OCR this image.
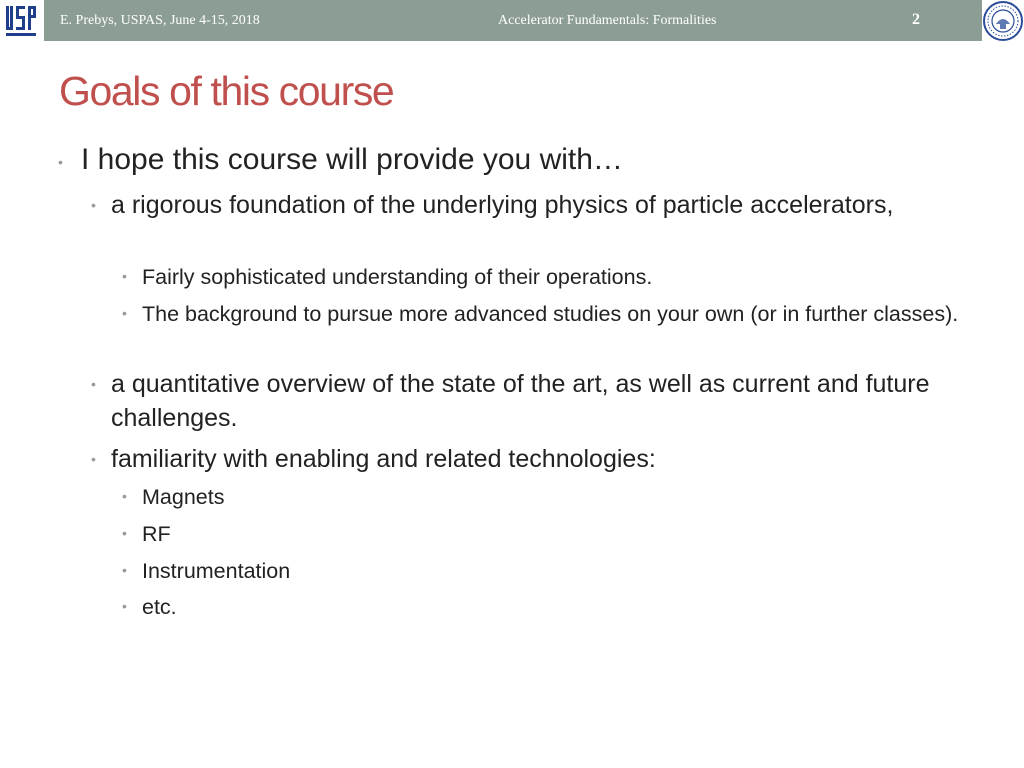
E. Prebys, USPAS, June 4-15, 2018	Accelerator Fundamentals: Formalities	2
Goals of this course
• I hope this course will provide you with…
• a rigorous foundation of the underlying physics of particle accelerators,
• Fairly sophisticated understanding of their operations.
• The background to pursue more advanced studies on your own (or in further classes).
• a quantitative overview of the state of the art, as well as current and future challenges.
• familiarity with enabling and related technologies:
• Magnets
• RF
• Instrumentation
• etc.
